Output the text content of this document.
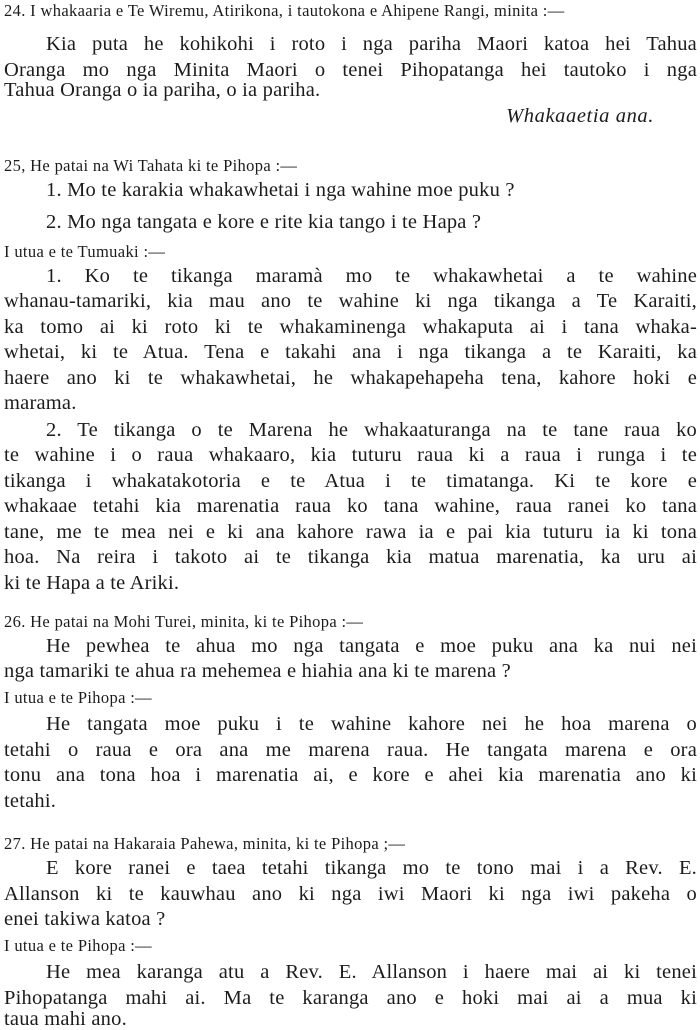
24. I whakaaria e Te Wiremu, Atirikona, i tautokona e Ahipene Rangi, minita :—
Kia puta he kohikohi i roto i nga pariha Maori katoa hei Tahua
Oranga mo nga Minita Maori o tenei Pihopatanga hei tautoko i nga
Tahua Oranga o ia pariha, o ia pariha.
Whakaaetia ana.
25, He patai na Wi Tahata ki te Pihopa :—
1. Mo te karakia whakawhetai i nga wahine moe puku ?
2. Mo nga tangata e kore e rite kia tango i te Hapa ?
I utua e te Tumuaki :—
1. Ko te tikanga maramà mo te whakawhetai a te wahine
whanau-tamariki, kia mau ano te wahine ki nga tikanga a Te Karaiti,
ka tomo ai ki roto ki te whakaminenga whakaputa ai i tana whaka-
whetai, ki te Atua. Tena e takahi ana i nga tikanga a te Karaiti, ka
haere ano ki te whakawhetai, he whakapehapeha tena, kahore hoki e
marama.
2. Te tikanga o te Marena he whakaaturanga na te tane raua ko
te wahine i o raua whakaaro, kia tuturu raua ki a raua i runga i te
tikanga i whakatakotoria e te Atua i te timatanga. Ki te kore e
whakaae tetahi kia marenatia raua ko tana wahine, raua ranei ko tana
tane, me te mea nei e ki ana kahore rawa ia e pai kia tuturu ia ki tona
hoa. Na reira i takoto ai te tikanga kia matua marenatia, ka uru ai
ki te Hapa a te Ariki.
26. He patai na Mohi Turei, minita, ki te Pihopa :—
He pewhea te ahua mo nga tangata e moe puku ana ka nui nei
nga tamariki te ahua ra mehemea e hiahia ana ki te marena ?
I utua e te Pihopa :—
He tangata moe puku i te wahine kahore nei he hoa marena o
tetahi o raua e ora ana me marena raua. He tangata marena e ora
tonu ana tona hoa i marenatia ai, e kore e ahei kia marenatia ano ki
tetahi.
27. He patai na Hakaraia Pahewa, minita, ki te Pihopa ;—
E kore ranei e taea tetahi tikanga mo te tono mai i a Rev. E.
Allanson ki te kauwhau ano ki nga iwi Maori ki nga iwi pakeha o
enei takiwa katoa ?
I utua e te Pihopa :—
He mea karanga atu a Rev. E. Allanson i haere mai ai ki tenei
Pihopatanga mahi ai. Ma te karanga ano e hoki mai ai a mua ki
taua mahi ano.
